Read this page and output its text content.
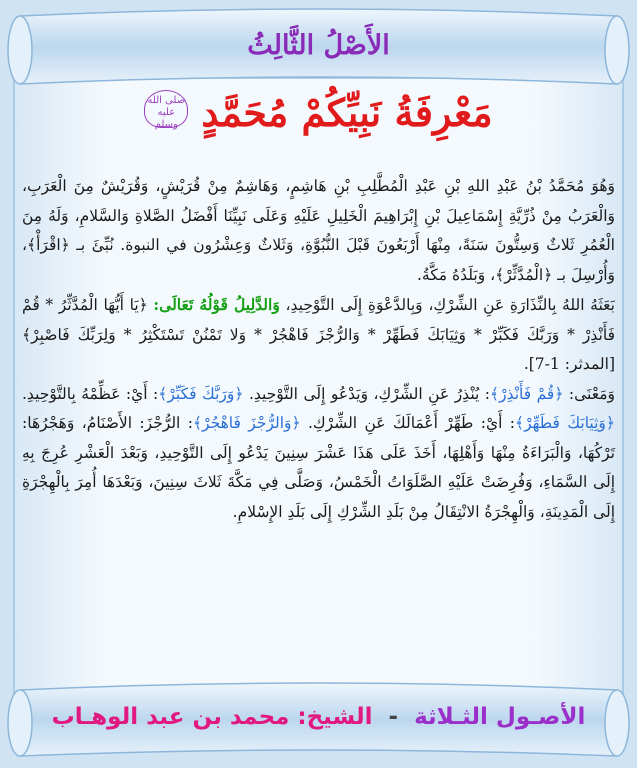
الأَصْلُ الثَّالِثُ
مَعْرِفَةُ نَبِيِّكُمْ مُحَمَّدٍ صلى الله عليه وسلم

وَهُوَ مُحَمَّدُ بْنُ عَبْدِ اللهِ بْنِ عَبْدِ الْمُطَّلِبِ بْنِ هَاشِمٍ، وَهَاشِمٌ مِنْ قُرَيْشٍ، وَقُرَيْشٌ مِنَ الْعَرَبِ، وَالْعَرَبُ مِنْ ذُرِّيَّةِ إِسْمَاعِيلَ بْنِ إِبْرَاهِيمَ الْخَلِيلِ عَلَيْهِ وَعَلَى نَبِيِّنَا أَفْضَلُ الصَّلاةِ وَالسَّلامِ، وَلَهُ مِنَ الْعُمُرِ ثَلاثٌ وَسِتُّونَ سَنَةً، مِنْهَا أَرْبَعُونَ قَبْلَ النُّبُوَّةِ، وَثَلاثٌ وَعِشْرُون في النبوة. نُبِّئَ بـ ﴿اقْرَأْ﴾، وَأُرْسِلَ بـ ﴿الْمُدَّثِّرْ﴾، وَبَلَدُهُ مَكَّةُ.

بَعَثَهُ اللهُ بِالنِّذَارَةِ عَنِ الشِّرْكِ، وَبِالدَّعْوَةِ إِلَى التَّوْحِيدِ، وَالدَّلِيلُ قَوْلُهُ تَعَالَى: ﴿يَا أَيُّهَا الْمُدَّثِّرُ * قُمْ فَأَنْذِرْ * وَرَبَّكَ فَكَبِّرْ * وَثِيَابَكَ فَطَهِّرْ * وَالرُّجْزَ فَاهْجُرْ * وَلا تَمْنُنْ تَسْتَكْثِرُ * وَلِرَبِّكَ فَاصْبِرْ﴾[المدثر: 1-7].

وَمَعْنَى: ﴿قُمْ فَأَنْذِرْ﴾: يُنْذِرُ عَنِ الشِّرْكِ، وَيَدْعُو إِلَى التَّوْحِيدِ. ﴿وَرَبَّكَ فَكَبِّرْ﴾: أَيْ: عَظِّمْهُ بِالتَّوْحِيدِ. ﴿وَثِيَابَكَ فَطَهِّرْ﴾: أَيْ: طَهِّرْ أَعْمَالَكَ عَنِ الشِّرْكِ. ﴿وَالرُّجْزَ فَاهْجُرْ﴾: الرُّجْزَ: الأَصْنَامُ، وَهَجْرُهَا: تَرْكُهَا، وَالْبَرَاءَةُ مِنْهَا وَأَهْلِهَا، أَخَذَ عَلَى هَذَا عَشْرَ سِنِينَ يَدْعُو إِلَى التَّوْحِيدِ، وَبَعْدَ الْعَشْرِ عُرِجَ بِهِ إِلَى السَّمَاءِ، وَفُرِضَتْ عَلَيْهِ الصَّلَوَاتُ الْخَمْسُ، وَصَلَّى فِي مَكَّةَ ثَلاثَ سِنِينَ، وَبَعْدَهَا أُمِرَ بِالْهِجْرَةِ إِلَى الْمَدِينَةِ، وَالْهِجْرَةُ الانْتِقَالُ مِنْ بَلَدِ الشِّرْكِ إِلَى بَلَدِ الإِسْلامِ.

الأصـول الثـلاثة - الشيخ: محمد بن عبد الوهـاب
